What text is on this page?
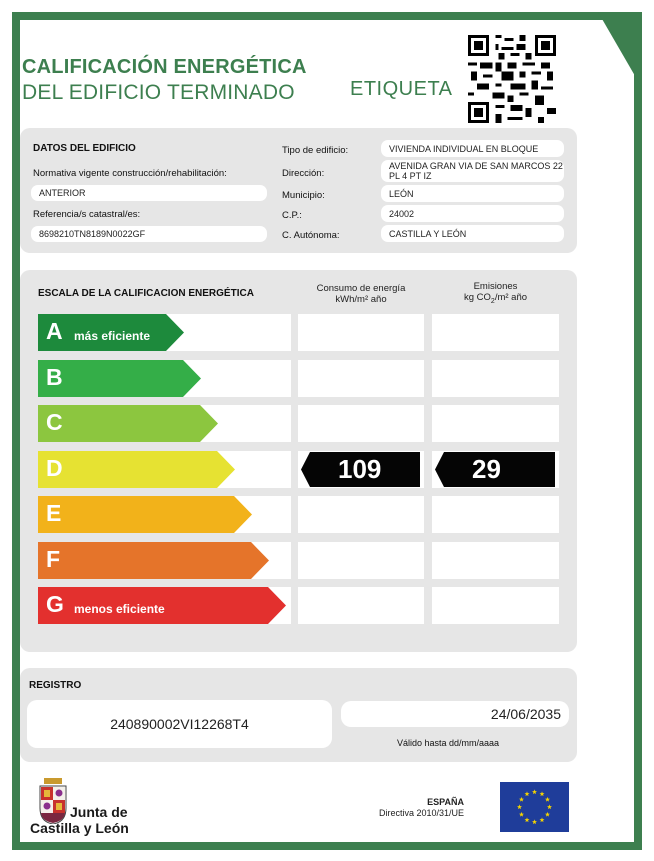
CALIFICACIÓN ENERGÉTICA
DEL EDIFICIO TERMINADO	ETIQUETA
DATOS DEL EDIFICIO
Normativa vigente construcción/rehabilitación:
ANTERIOR
Referencia/s catastral/es:
8698210TN8189N0022GF
Tipo de edificio:	VIVIENDA INDIVIDUAL EN BLOQUE
Dirección:
AVENIDA GRAN VIA DE SAN MARCOS 22 PL 4 PT IZ
Municipio:	LEÓN
C.P.:	24002
C. Autónoma:	CASTILLA Y LEÓN
ESCALA DE LA CALIFICACION ENERGÉTICA	Consumo de energía
kWh/m² año
Emisiones
kg $CO_2/m^2$ año
A más eficiente
B
C
D	109	29
E
F
G menos eficiente
REGISTRO
240890002VI12268T4
24/06/2035
Válido hasta dd/mm/aaaa
Junta de
Castilla y León
ESPAÑA
Directiva 2010/31/UE
